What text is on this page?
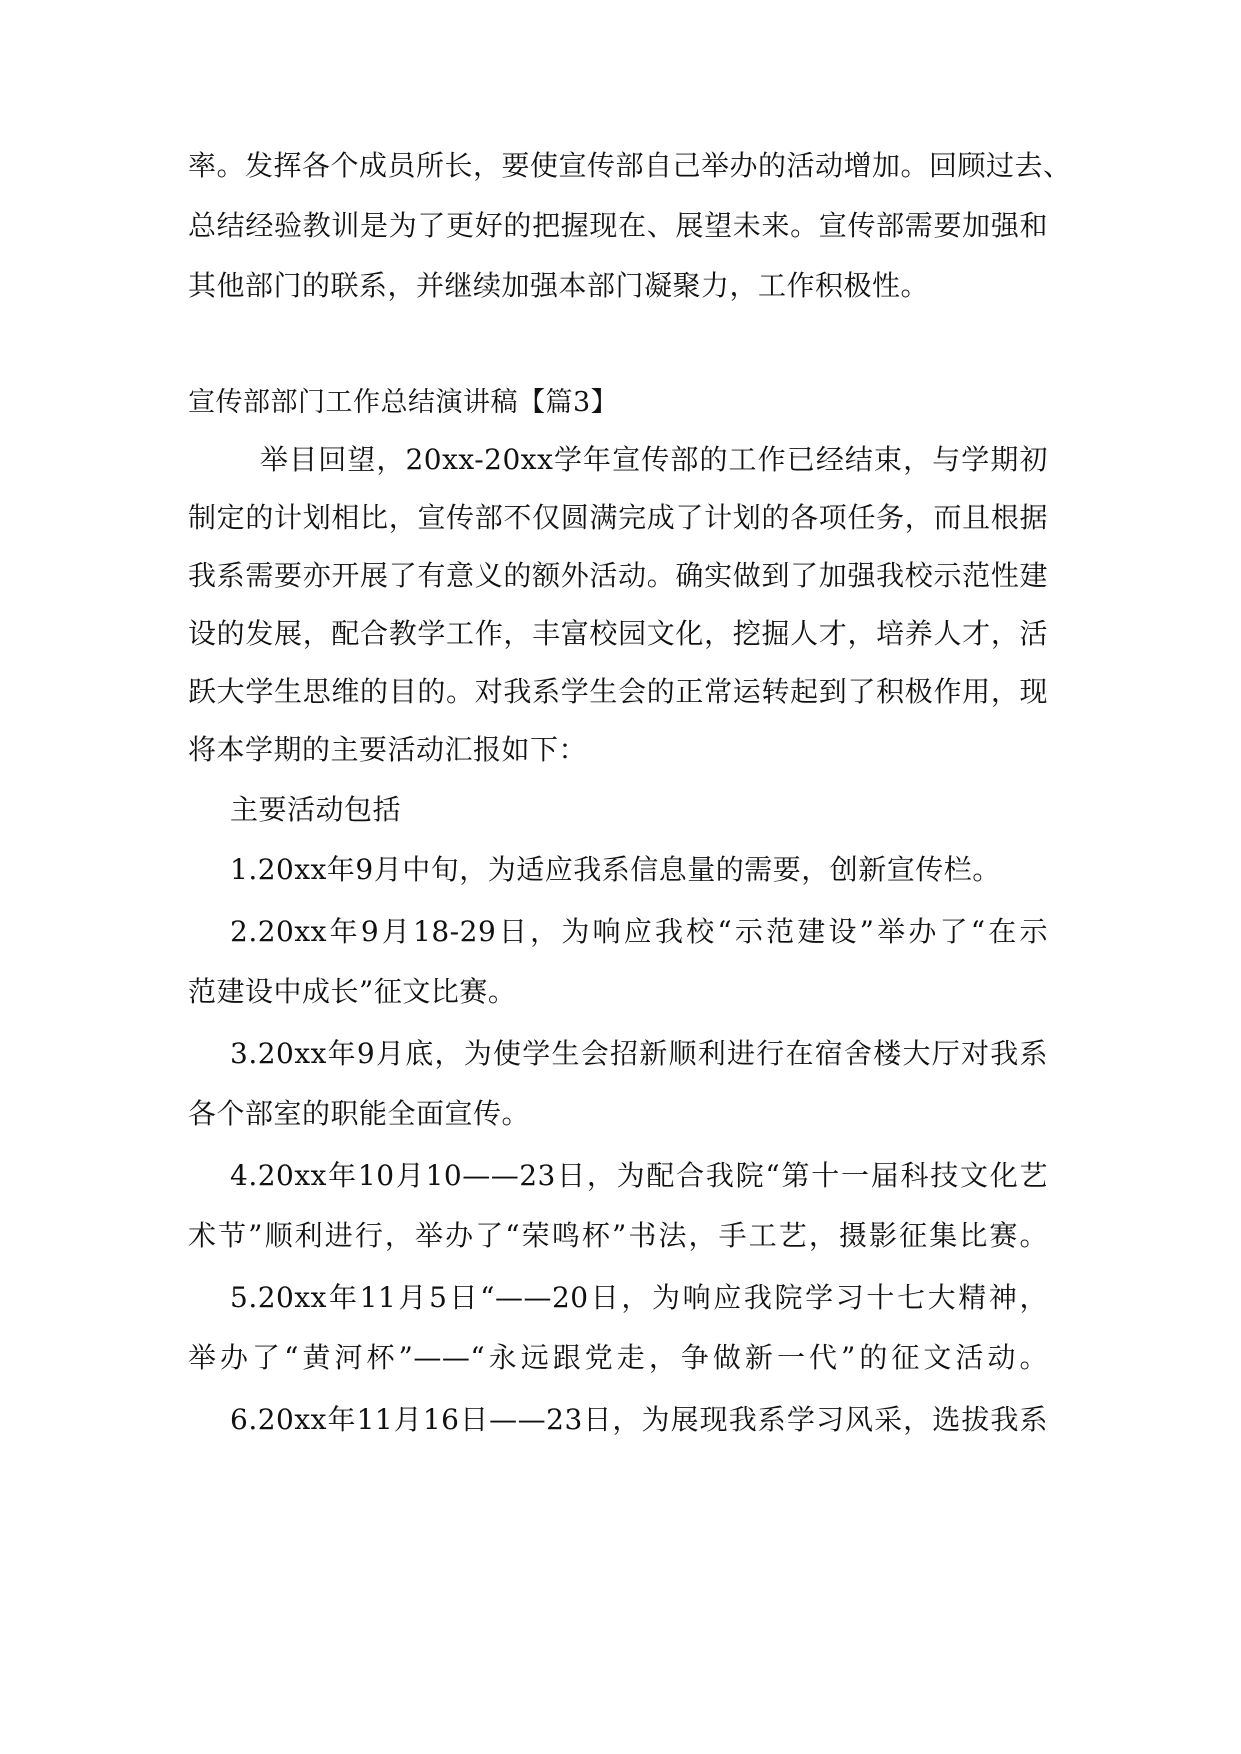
率。发挥各个成员所长，要使宣传部自己举办的活动增加。回顾过去、
总结经验教训是为了更好的把握现在、展望未来。宣传部需要加强和
其他部门的联系，并继续加强本部门凝聚力，工作积极性。
宣传部部门工作总结演讲稿【篇3】
举目回望，20xx-20xx学年宣传部的工作已经结束，与学期初
制定的计划相比，宣传部不仅圆满完成了计划的各项任务，而且根据
我系需要亦开展了有意义的额外活动。确实做到了加强我校示范性建
设的发展，配合教学工作，丰富校园文化，挖掘人才，培养人才，活
跃大学生思维的目的。对我系学生会的正常运转起到了积极作用，现
将本学期的主要活动汇报如下：
主要活动包括
1.20xx年9月中旬，为适应我系信息量的需要，创新宣传栏。
2.20xx年9月18-29日，为响应我校“示范建设”举办了“在示
范建设中成长”征文比赛。
3.20xx年9月底，为使学生会招新顺利进行在宿舍楼大厅对我系
各个部室的职能全面宣传。
4.20xx年10月10——23日，为配合我院“第十一届科技文化艺
术节”顺利进行，举办了“荣鸣杯”书法，手工艺，摄影征集比赛。
5.20xx年11月5日“——20日，为响应我院学习十七大精神，
举办了“黄河杯”——“永远跟党走，争做新一代”的征文活动。
6.20xx年11月16日——23日，为展现我系学习风采，选拔我系
